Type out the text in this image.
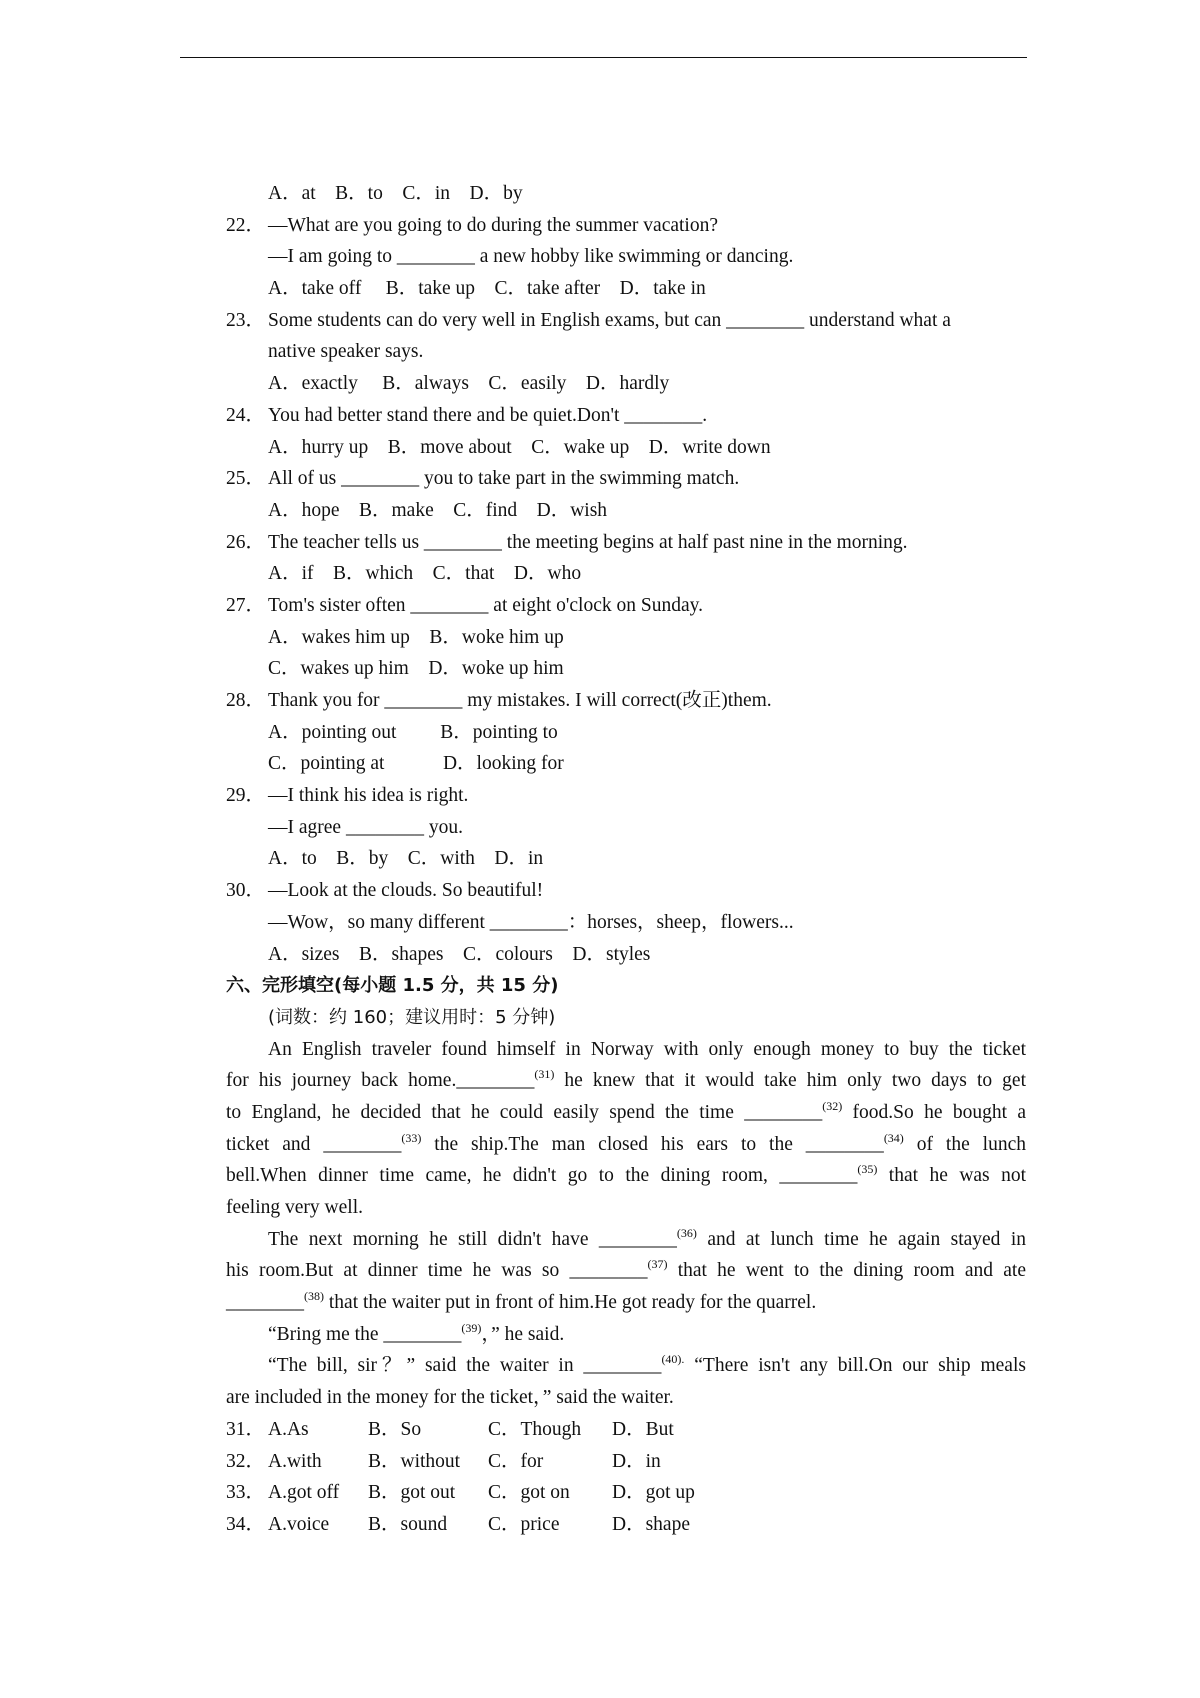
A．at　B．to　C．in　D．by
22． —What are you going to do during the summer vacation?
—I am going to ________ a new hobby like swimming or dancing.
A．take off　 B．take up　C．take after　D．take in
23． Some students can do very well in English exams, but can ________ understand what a
native speaker says.
A．exactly　 B．always　C．easily　D．hardly
24． You had better stand there and be quiet.Don't ________.
A．hurry up　B．move about　C．wake up　D．write down
25． All of us ________ you to take part in the swimming match.
A．hope　B．make　C．find　D．wish
26． The teacher tells us ________ the meeting begins at half past nine in the morning.
A．if　B．which　C．that　D．who
27． Tom's sister often ________ at eight o'clock on Sunday.
A．wakes him up　B．woke him up
C．wakes up him　D．woke up him
28． Thank you for ________ my mistakes. I will correct(改正)them.
A．pointing out　　 B．pointing to
C．pointing at　　　D．looking for
29． —I think his idea is right.
—I agree ________ you.
A．to　B．by　C．with　D．in
30． —Look at the clouds. So beautiful!
—Wow，so many different ________：horses，sheep，flowers...
A．sizes　B．shapes　C．colours　D．styles
六、完形填空(每小题 1.5 分，共 15 分)
(词数：约 160；建议用时：5 分钟)
An English traveler found himself in Norway with only enough money to buy the ticket
for his journey back home.________$^{(31)}$ he knew that it would take him only two days to get
to England, he decided that he could easily spend the time ________$^{(32)}$ food.So he bought a
ticket and ________$^{(33)}$ the ship.The man closed his ears to the ________$^{(34)}$ of the lunch
bell.When dinner time came, he didn't go to the dining room, ________$^{(35)}$ that he was not
feeling very well.
The next morning he still didn't have ________$^{(36)}$ and at lunch time he again stayed in
his room.But at dinner time he was so ________$^{(37)}$ that he went to the dining room and ate
________$^{(38)}$ that the waiter put in front of him.He got ready for the quarrel.
“Bring me the ________$^{(39)}$，” he said.
“The bill, sir？” said the waiter in ________$^{(40).}$ “There isn't any bill.On our ship meals
are included in the money for the ticket，” said the waiter.
31． A.As	B．So	C．Though D．But
32． A.with B．without C．for	D．in
33． A.got off B．got out C．got on D．got up
34． A.voice B．sound C．price	D．shape
